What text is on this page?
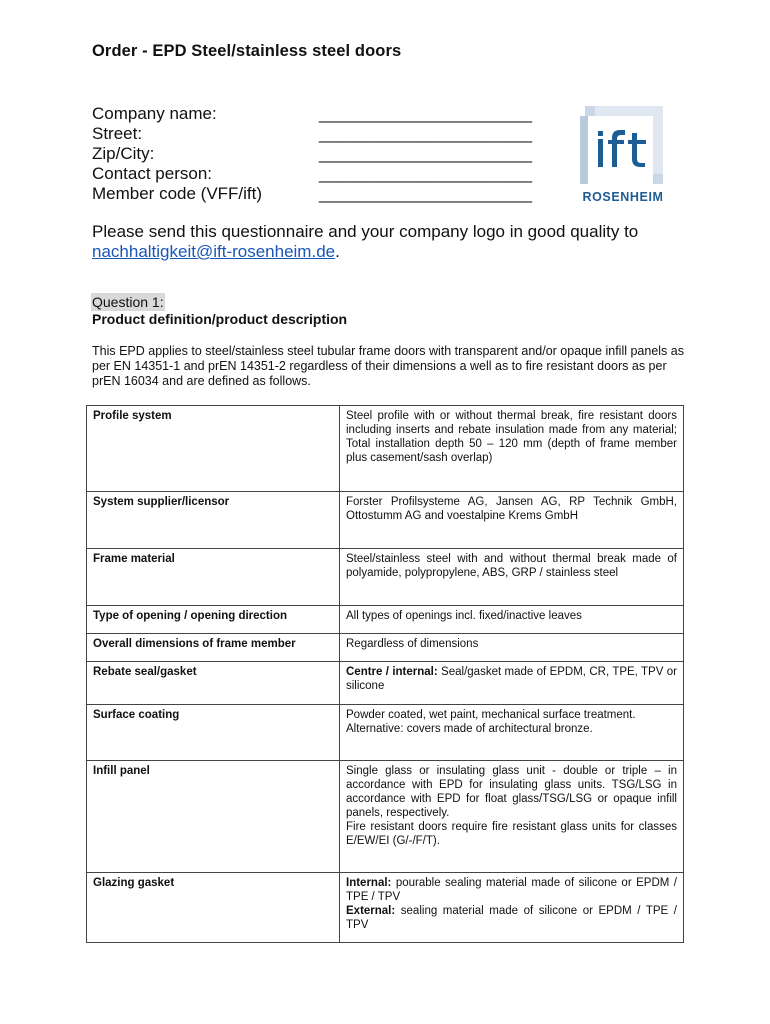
Order - EPD Steel/stainless steel doors
Company name:	________________________
Street:	________________________
Zip/City:	________________________
Contact person:	________________________
Member code (VFF/ift)	________________________	ROSENHEIM
Please send this questionnaire and your company logo in good quality to
nachhaltigkeit@ift-rosenheim.de.
Question 1:
Product definition/product description
This EPD applies to steel/stainless steel tubular frame doors with transparent and/or opaque infill panels as per EN 14351-1 and prEN 14351-2 regardless of their dimensions a well as to fire resistant doors as per prEN 16034 and are defined as follows.
Profile system	Steel profile with or without thermal break, fire resistant doors including inserts and rebate insulation made from any material; Total installation depth 50 – 120 mm (depth of frame member plus casement/sash overlap)
System supplier/licensor	Forster Profilsysteme AG, Jansen AG, RP Technik GmbH, Ottostumm AG and voestalpine Krems GmbH
Frame material	Steel/stainless steel with and without thermal break made of polyamide, polypropylene, ABS, GRP / stainless steel
Type of opening / opening direction	All types of openings incl. fixed/inactive leaves
Overall dimensions of frame member	Regardless of dimensions
Rebate seal/gasket	Centre / internal: Seal/gasket made of EPDM, CR, TPE, TPV or silicone
Surface coating	Powder coated, wet paint, mechanical surface treatment.
Alternative: covers made of architectural bronze.
Infill panel	Single glass or insulating glass unit - double or triple – in accordance with EPD for insulating glass units. TSG/LSG in accordance with EPD for float glass/TSG/LSG or opaque infill panels, respectively.
Fire resistant doors require fire resistant glass units for classes E/EW/EI (G/-/F/T).
Glazing gasket	Internal: pourable sealing material made of silicone or EPDM / TPE / TPV
External: sealing material made of silicone or EPDM / TPE / TPV
